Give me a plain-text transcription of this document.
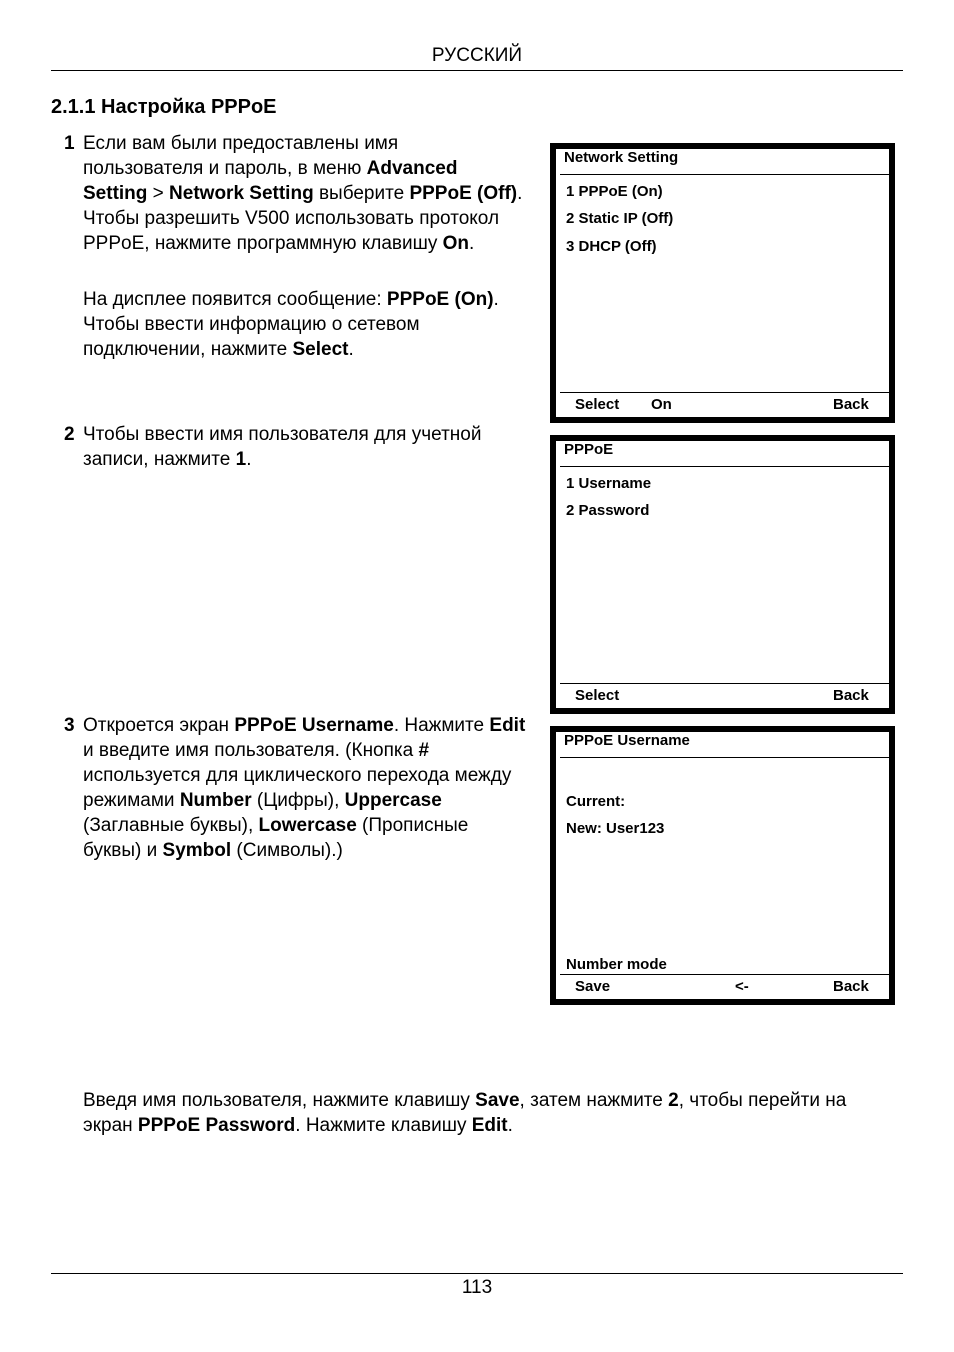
РУССКИЙ
2.1.1 Настройка PPPoE
1 Если вам были предоставлены имя пользователя и пароль, в меню Advanced Setting > Network Setting выберите PPPoE (Off). Чтобы разрешить V500 использовать протокол PPPoE, нажмите программную клавишу On.
На дисплее появится сообщение: PPPoE (On). Чтобы ввести информацию о сетевом подключении, нажмите Select.
2 Чтобы ввести имя пользователя для учетной записи, нажмите 1.
3 Откроется экран PPPoE Username. Нажмите Edit и введите имя пользователя. (Кнопка # используется для циклического перехода между режимами Number (Цифры), Uppercase (Заглавные буквы), Lowercase (Прописные буквы) и Symbol (Символы).)
Network Setting
1 PPPoE (On)
2 Static IP (Off)
3 DHCP (Off)
Select On	Back
PPPoE
1 Username
2 Password
Select	Back
PPPoE Username
Current:
New: User123
Number mode
Save	<-	Back
Введя имя пользователя, нажмите клавишу Save, затем нажмите 2, чтобы перейти на экран PPPoE Password. Нажмите клавишу Edit.
113
